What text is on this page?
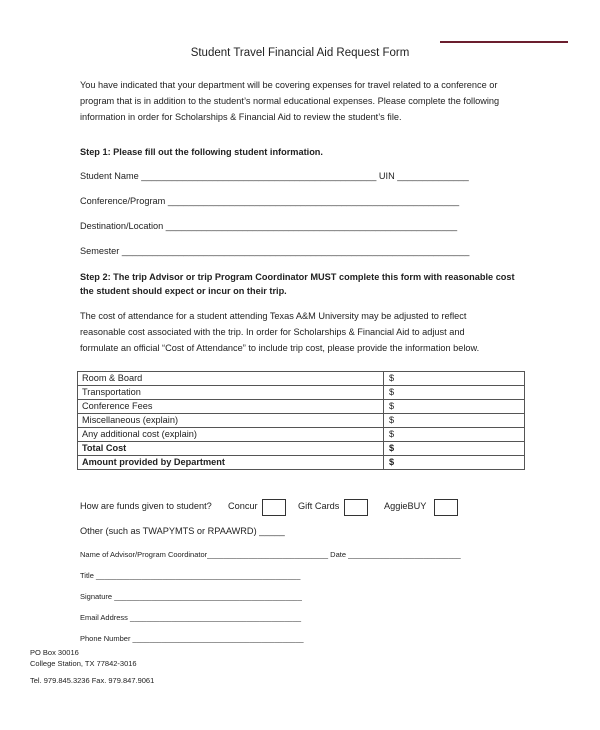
Student Travel Financial Aid Request Form
You have indicated that your department will be covering expenses for travel related to a conference or
program that is in addition to the student’s normal educational expenses. Please complete the following
information in order for Scholarships & Financial Aid to review the student’s file.
Step 1: Please fill out the following student information.
Student Name ______________________________________________ UIN ______________
Conference/Program _________________________________________________________
Destination/Location _________________________________________________________
Semester ____________________________________________________________________
Step 2: The trip Advisor or trip Program Coordinator MUST complete this form with reasonable cost
the student should expect or incur on their trip.
The cost of attendance for a student attending Texas A&M University may be adjusted to reflect
reasonable cost associated with the trip. In order for Scholarships & Financial Aid to adjust and
formulate an official “Cost of Attendance” to include trip cost, please provide the information below.
Room & Board	$
Transportation	$
Conference Fees	$
Miscellaneous (explain)	$
Any additional cost (explain)	$
Total Cost	$
Amount provided by Department	$
How are funds given to student? Concur	Gift Cards	AggieBUY
Other (such as TWAPYMTS or RPAAWRD) _____
Name of Advisor/Program Coordinator_____________________________ Date ___________________________
Title _________________________________________________
Signature _____________________________________________
Email Address _________________________________________
Phone Number _________________________________________
PO Box 30016
College Station, TX 77842-3016
Tel. 979.845.3236 Fax. 979.847.9061
